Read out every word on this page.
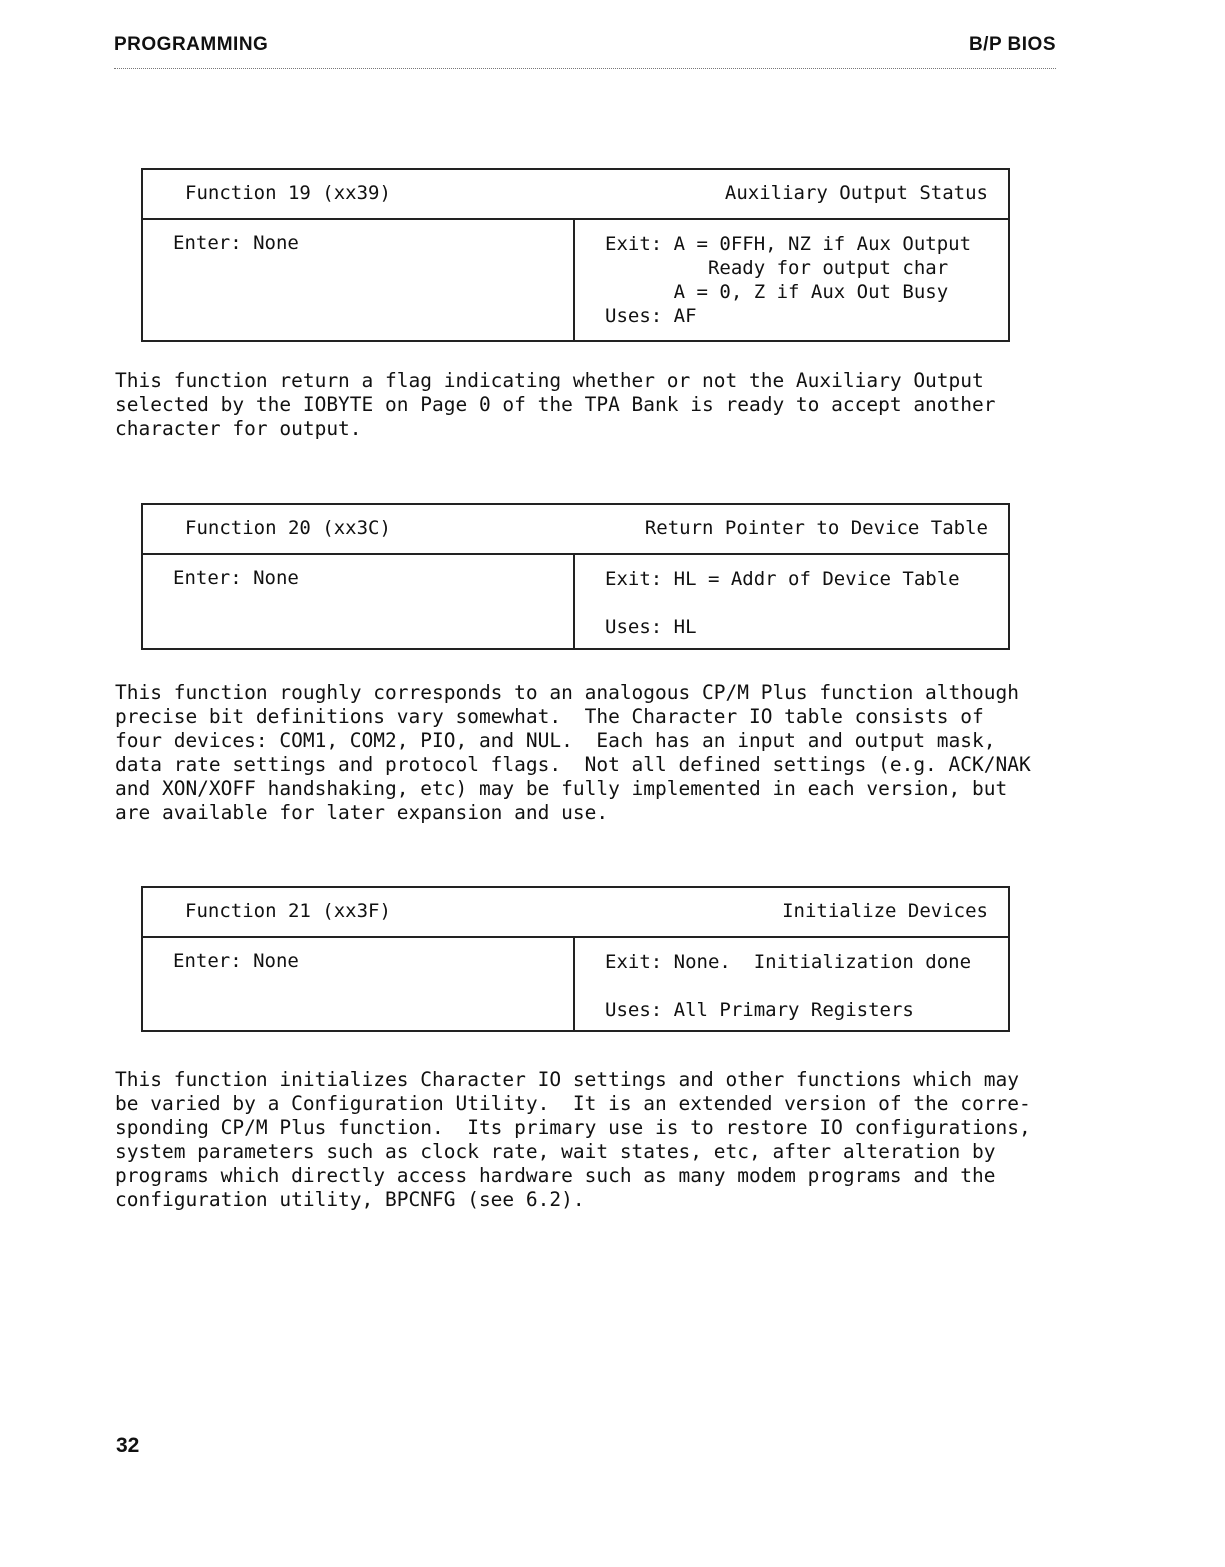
PROGRAMMING	B/P BIOS
Function 19 (xx39)	Auxiliary Output Status
Enter: None	Exit: A = 0FFH, NZ if Aux Output
Ready for output char
A = 0, Z if Aux Out Busy
Uses: AF
This function return a flag indicating whether or not the Auxiliary Output
selected by the IOBYTE on Page 0 of the TPA Bank is ready to accept another
character for output.
Function 20 (xx3C)	Return Pointer to Device Table
Enter: None	Exit: HL = Addr of Device Table
Uses: HL
This function roughly corresponds to an analogous CP/M Plus function although
precise bit definitions vary somewhat.  The Character IO table consists of
four devices: COM1, COM2, PIO, and NUL.  Each has an input and output mask,
data rate settings and protocol flags.  Not all defined settings (e.g. ACK/NAK
and XON/XOFF handshaking, etc) may be fully implemented in each version, but
are available for later expansion and use.
Function 21 (xx3F)	Initialize Devices
Enter: None	Exit: None.  Initialization done
Uses: All Primary Registers
This function initializes Character IO settings and other functions which may
be varied by a Configuration Utility.  It is an extended version of the corre-
sponding CP/M Plus function.  Its primary use is to restore IO configurations,
system parameters such as clock rate, wait states, etc, after alteration by
programs which directly access hardware such as many modem programs and the
configuration utility, BPCNFG (see 6.2).
32
